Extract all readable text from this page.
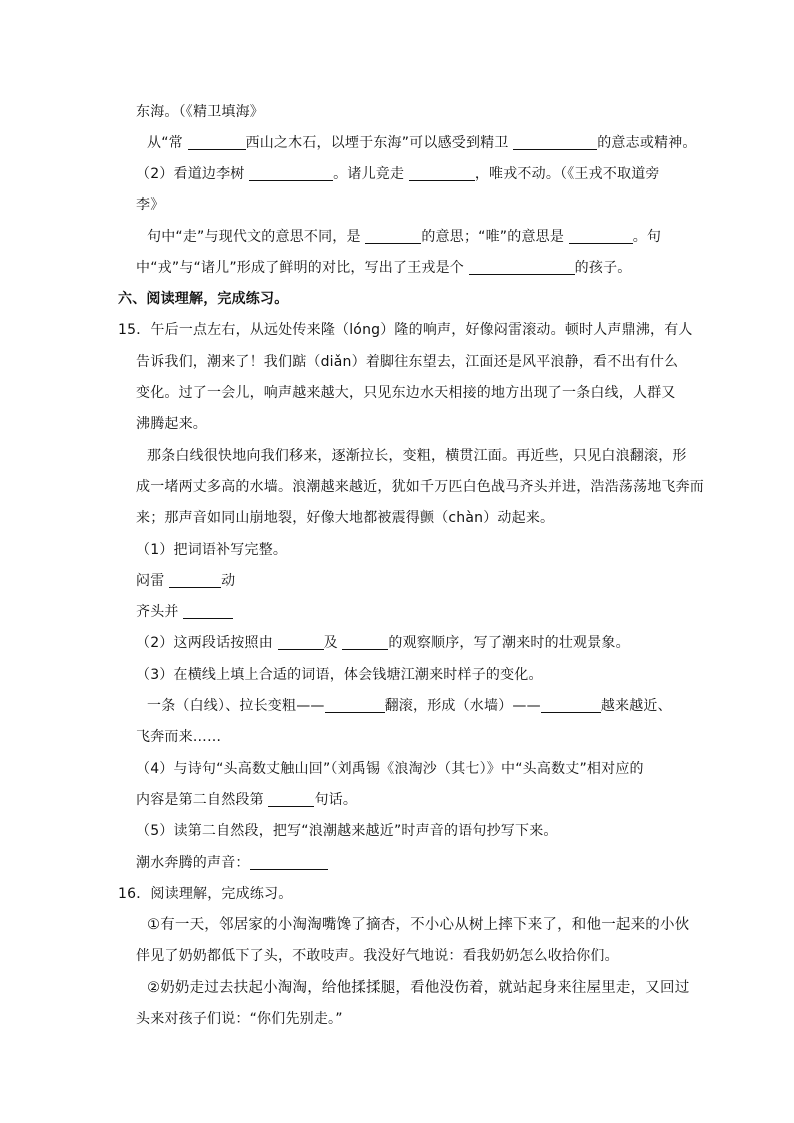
东海。（《精卫填海》
从“常	西山之木石，以堙于东海”可以感受到精卫	的意志或精神。
（2）看道边李树	。诸儿竞走	，唯戎不动。（《王戎不取道旁
李》
句中“走”与现代文的意思不同，是	的意思；“唯”的意思是	。句
中“戎”与“诸儿”形成了鲜明的对比，写出了王戎是个	的孩子。
六、阅读理解，完成练习。
15．午后一点左右，从远处传来隆（lóng）隆的响声，好像闷雷滚动。顿时人声鼎沸，有人
告诉我们，潮来了！我们踮（diǎn）着脚往东望去，江面还是风平浪静，看不出有什么
变化。过了一会儿，响声越来越大，只见东边水天相接的地方出现了一条白线，人群又
沸腾起来。
那条白线很快地向我们移来，逐渐拉长，变粗，横贯江面。再近些，只见白浪翻滚，形
成一堵两丈多高的水墙。浪潮越来越近，犹如千万匹白色战马齐头并进，浩浩荡荡地飞奔而
来；那声音如同山崩地裂，好像大地都被震得颤（chàn）动起来。
（1）把词语补写完整。
闷雷	动
齐头并
（2）这两段话按照由	及	的观察顺序，写了潮来时的壮观景象。
（3）在横线上填上合适的词语，体会钱塘江潮来时样子的变化。
一条（白线）、拉长变粗——	翻滚，形成（水墙）——	越来越近、
飞奔而来……
（4）与诗句“头高数丈触山回”（刘禹锡《浪淘沙（其七）》中“头高数丈”相对应的
内容是第二自然段第	句话。
（5）读第二自然段，把写“浪潮越来越近”时声音的语句抄写下来。
潮水奔腾的声音：
16．阅读理解，完成练习。
①有一天，邻居家的小淘淘嘴馋了摘杏，不小心从树上摔下来了，和他一起来的小伙
伴见了奶奶都低下了头，不敢吱声。我没好气地说：看我奶奶怎么收拾你们。
②奶奶走过去扶起小淘淘，给他揉揉腿，看他没伤着，就站起身来往屋里走，又回过
头来对孩子们说：“你们先别走。”
